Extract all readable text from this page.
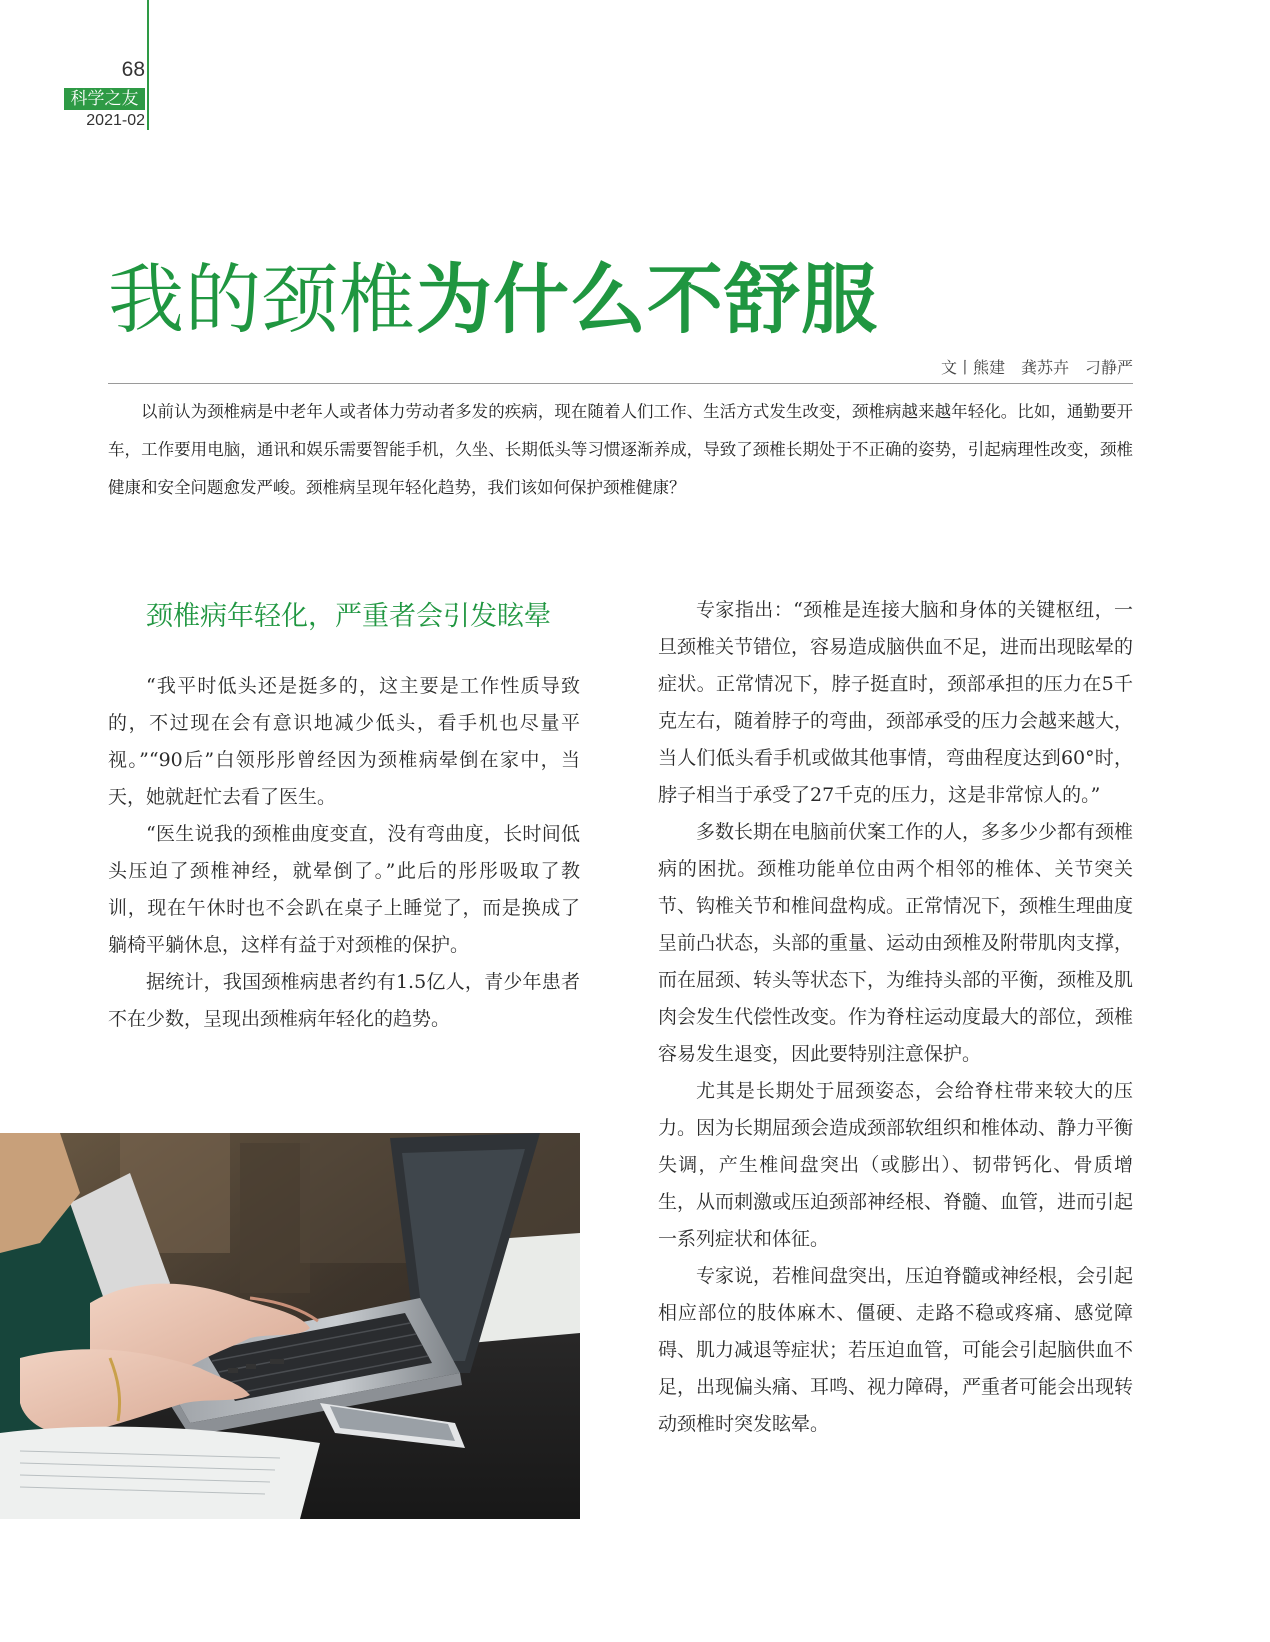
68
科学之友
2021-02
我的颈椎为什么不舒服
文丨熊建　龚苏卉　刁静严

以前认为颈椎病是中老年人或者体力劳动者多发的疾病，现在随着人们工作、生活方式发生改变，颈椎病越来越年轻化。比如，通勤要开车，工作要用电脑，通讯和娱乐需要智能手机，久坐、长期低头等习惯逐渐养成，导致了颈椎长期处于不正确的姿势，引起病理性改变，颈椎健康和安全问题愈发严峻。颈椎病呈现年轻化趋势，我们该如何保护颈椎健康？

颈椎病年轻化，严重者会引发眩晕

“我平时低头还是挺多的，这主要是工作性质导致的，不过现在会有意识地减少低头，看手机也尽量平视。”“90后”白领彤彤曾经因为颈椎病晕倒在家中，当天，她就赶忙去看了医生。

“医生说我的颈椎曲度变直，没有弯曲度，长时间低头压迫了颈椎神经，就晕倒了。”此后的彤彤吸取了教训，现在午休时也不会趴在桌子上睡觉了，而是换成了躺椅平躺休息，这样有益于对颈椎的保护。

据统计，我国颈椎病患者约有1.5亿人，青少年患者不在少数，呈现出颈椎病年轻化的趋势。

专家指出：“颈椎是连接大脑和身体的关键枢纽，一旦颈椎关节错位，容易造成脑供血不足，进而出现眩晕的症状。正常情况下，脖子挺直时，颈部承担的压力在5千克左右，随着脖子的弯曲，颈部承受的压力会越来越大，当人们低头看手机或做其他事情，弯曲程度达到60°时，脖子相当于承受了27千克的压力，这是非常惊人的。”

多数长期在电脑前伏案工作的人，多多少少都有颈椎病的困扰。颈椎功能单位由两个相邻的椎体、关节突关节、钩椎关节和椎间盘构成。正常情况下，颈椎生理曲度呈前凸状态，头部的重量、运动由颈椎及附带肌肉支撑，而在屈颈、转头等状态下，为维持头部的平衡，颈椎及肌肉会发生代偿性改变。作为脊柱运动度最大的部位，颈椎容易发生退变，因此要特别注意保护。

尤其是长期处于屈颈姿态，会给脊柱带来较大的压力。因为长期屈颈会造成颈部软组织和椎体动、静力平衡失调，产生椎间盘突出（或膨出）、韧带钙化、骨质增生，从而刺激或压迫颈部神经根、脊髓、血管，进而引起一系列症状和体征。

专家说，若椎间盘突出，压迫脊髓或神经根，会引起相应部位的肢体麻木、僵硬、走路不稳或疼痛、感觉障碍、肌力减退等症状；若压迫血管，可能会引起脑供血不足，出现偏头痛、耳鸣、视力障碍，严重者可能会出现转动颈椎时突发眩晕。
